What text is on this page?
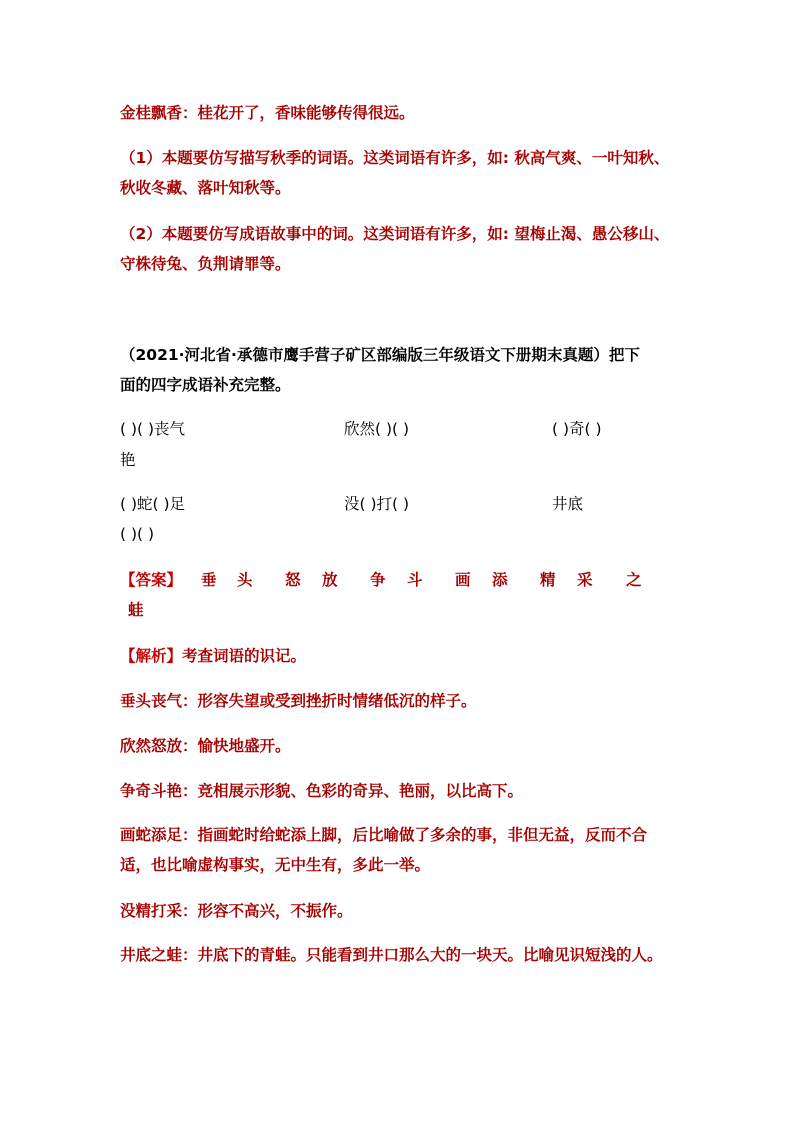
金桂飘香：桂花开了，香味能够传得很远。
（1）本题要仿写描写秋季的词语。这类词语有许多，如: 秋高气爽、一叶知秋、
秋收冬藏、落叶知秋等。
（2）本题要仿写成语故事中的词。这类词语有许多，如: 望梅止渴、愚公移山、
守株待兔、负荆请罪等。
（2021·河北省·承德市鹰手营子矿区部编版三年级语文下册期末真题）把下
面的四字成语补充完整。
( )( )丧气	欣然( )( )	( )奇( )
艳
( )蛇( )足	没( )打( )	井底
( )( )
【答案】 垂 头 怒 放 争 斗 画 添 精 采 之
蛙
【解析】考查词语的识记。
垂头丧气：形容失望或受到挫折时情绪低沉的样子。
欣然怒放：愉快地盛开。
争奇斗艳：竞相展示形貌、色彩的奇异、艳丽，以比高下。
画蛇添足：指画蛇时给蛇添上脚，后比喻做了多余的事，非但无益，反而不合
适，也比喻虚构事实，无中生有，多此一举。
没精打采：形容不高兴，不振作。
井底之蛙：井底下的青蛙。只能看到井口那么大的一块天。比喻见识短浅的人。
